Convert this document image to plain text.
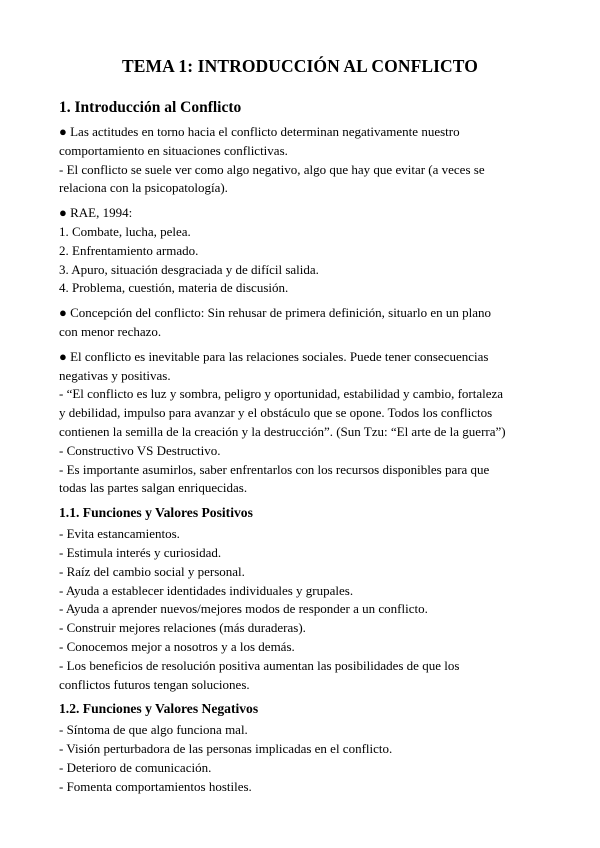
TEMA 1: INTRODUCCIÓN AL CONFLICTO
1. Introducción al Conflicto

● Las actitudes en torno hacia el conflicto determinan negativamente nuestro

comportamiento en situaciones conflictivas.

- El conflicto se suele ver como algo negativo, algo que hay que evitar (a veces se

relaciona con la psicopatología).

● RAE, 1994:

1. Combate, lucha, pelea.

2. Enfrentamiento armado.

3. Apuro, situación desgraciada y de difícil salida.

4. Problema, cuestión, materia de discusión.

● Concepción del conflicto: Sin rehusar de primera definición, situarlo en un plano

con menor rechazo.

● El conflicto es inevitable para las relaciones sociales. Puede tener consecuencias

negativas y positivas.

- “El conflicto es luz y sombra, peligro y oportunidad, estabilidad y cambio, fortaleza

y debilidad, impulso para avanzar y el obstáculo que se opone. Todos los conflictos

contienen la semilla de la creación y la destrucción”. (Sun Tzu: “El arte de la guerra”)

- Constructivo VS Destructivo.

- Es importante asumirlos, saber enfrentarlos con los recursos disponibles para que

todas las partes salgan enriquecidas.

1.1. Funciones y Valores Positivos

- Evita estancamientos.

- Estimula interés y curiosidad.

- Raíz del cambio social y personal.

- Ayuda a establecer identidades individuales y grupales.

- Ayuda a aprender nuevos/mejores modos de responder a un conflicto.

- Construir mejores relaciones (más duraderas).

- Conocemos mejor a nosotros y a los demás.

- Los beneficios de resolución positiva aumentan las posibilidades de que los

conflictos futuros tengan soluciones.

1.2. Funciones y Valores Negativos

- Síntoma de que algo funciona mal.

- Visión perturbadora de las personas implicadas en el conflicto.

- Deterioro de comunicación.

- Fomenta comportamientos hostiles.
